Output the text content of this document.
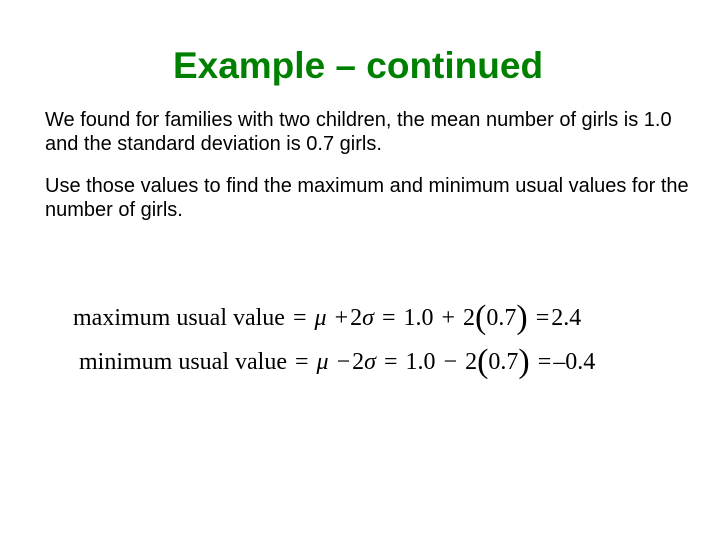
Example – continued
We found for families with two children, the mean number of girls is 1.0 and the standard deviation is 0.7 girls.
Use those values to find the maximum and minimum usual values for the number of girls.
maximum usual value = μ +2σ = 1.0 + 2(0.7) =2.4
minimum usual value = μ −2σ = 1.0 − 2(0.7) =–0.4
